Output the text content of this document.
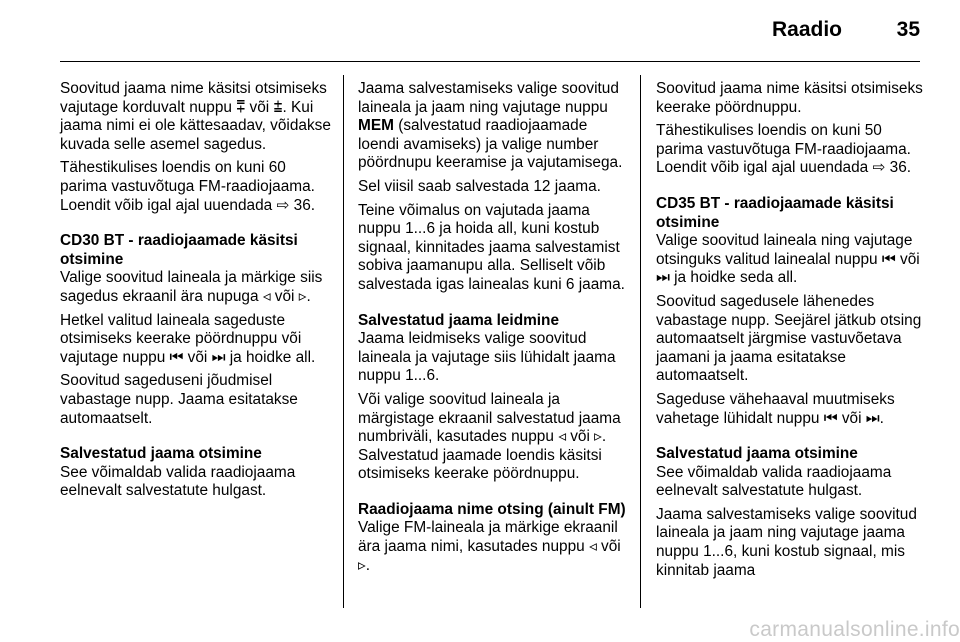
Raadio	35

Soovitud jaama nime käsitsi otsimiseks vajutage korduvalt nuppu ⩱ või ⩲. Kui jaama nimi ei ole kättesaadav, võidakse kuvada selle asemel sagedus.

Tähestikulises loendis on kuni 60 parima vastuvõtuga FM-raadiojaama. Loendit võib igal ajal uuendada ⇨ 36.

CD30 BT - raadiojaamade käsitsi otsimine

Valige soovitud laineala ja märkige siis sagedus ekraanil ära nupuga ◃ või ▹.

Hetkel valitud laineala sageduste otsimiseks keerake pöördnuppu või vajutage nuppu ⏮ või ⏭ ja hoidke all.

Soovitud sageduseni jõudmisel vabastage nupp. Jaama esitatakse automaatselt.

Salvestatud jaama otsimine

See võimaldab valida raadiojaama eelnevalt salvestatute hulgast.

Jaama salvestamiseks valige soovitud laineala ja jaam ning vajutage nuppu MEM (salvestatud raadiojaamade loendi avamiseks) ja valige number pöördnupu keeramise ja vajutamisega.

Sel viisil saab salvestada 12 jaama.

Teine võimalus on vajutada jaama nuppu 1...6 ja hoida all, kuni kostub signaal, kinnitades jaama salvestamist sobiva jaamanupu alla. Selliselt võib salvestada igas lainealas kuni 6 jaama.

Salvestatud jaama leidmine

Jaama leidmiseks valige soovitud laineala ja vajutage siis lühidalt jaama nuppu 1...6.

Või valige soovitud laineala ja märgistage ekraanil salvestatud jaama numbriväli, kasutades nuppu ◃ või ▹. Salvestatud jaamade loendis käsitsi otsimiseks keerake pöördnuppu.

Raadiojaama nime otsing (ainult FM)

Valige FM-laineala ja märkige ekraanil ära jaama nimi, kasutades nuppu ◃ või ▹.

Soovitud jaama nime käsitsi otsimiseks keerake pöördnuppu.

Tähestikulises loendis on kuni 50 parima vastuvõtuga FM-raadiojaama. Loendit võib igal ajal uuendada ⇨ 36.

CD35 BT - raadiojaamade käsitsi otsimine

Valige soovitud laineala ning vajutage otsinguks valitud lainealal nuppu ⏮ või ⏭ ja hoidke seda all.

Soovitud sagedusele lähenedes vabastage nupp. Seejärel jätkub otsing automaatselt järgmise vastuvõetava jaamani ja jaama esitatakse automaatselt.

Sageduse vähehaaval muutmiseks vahetage lühidalt nuppu ⏮ või ⏭.

Salvestatud jaama otsimine

See võimaldab valida raadiojaama eelnevalt salvestatute hulgast.

Jaama salvestamiseks valige soovitud laineala ja jaam ning vajutage jaama nuppu 1...6, kuni kostub signaal, mis kinnitab jaama

carmanualsonline.info
